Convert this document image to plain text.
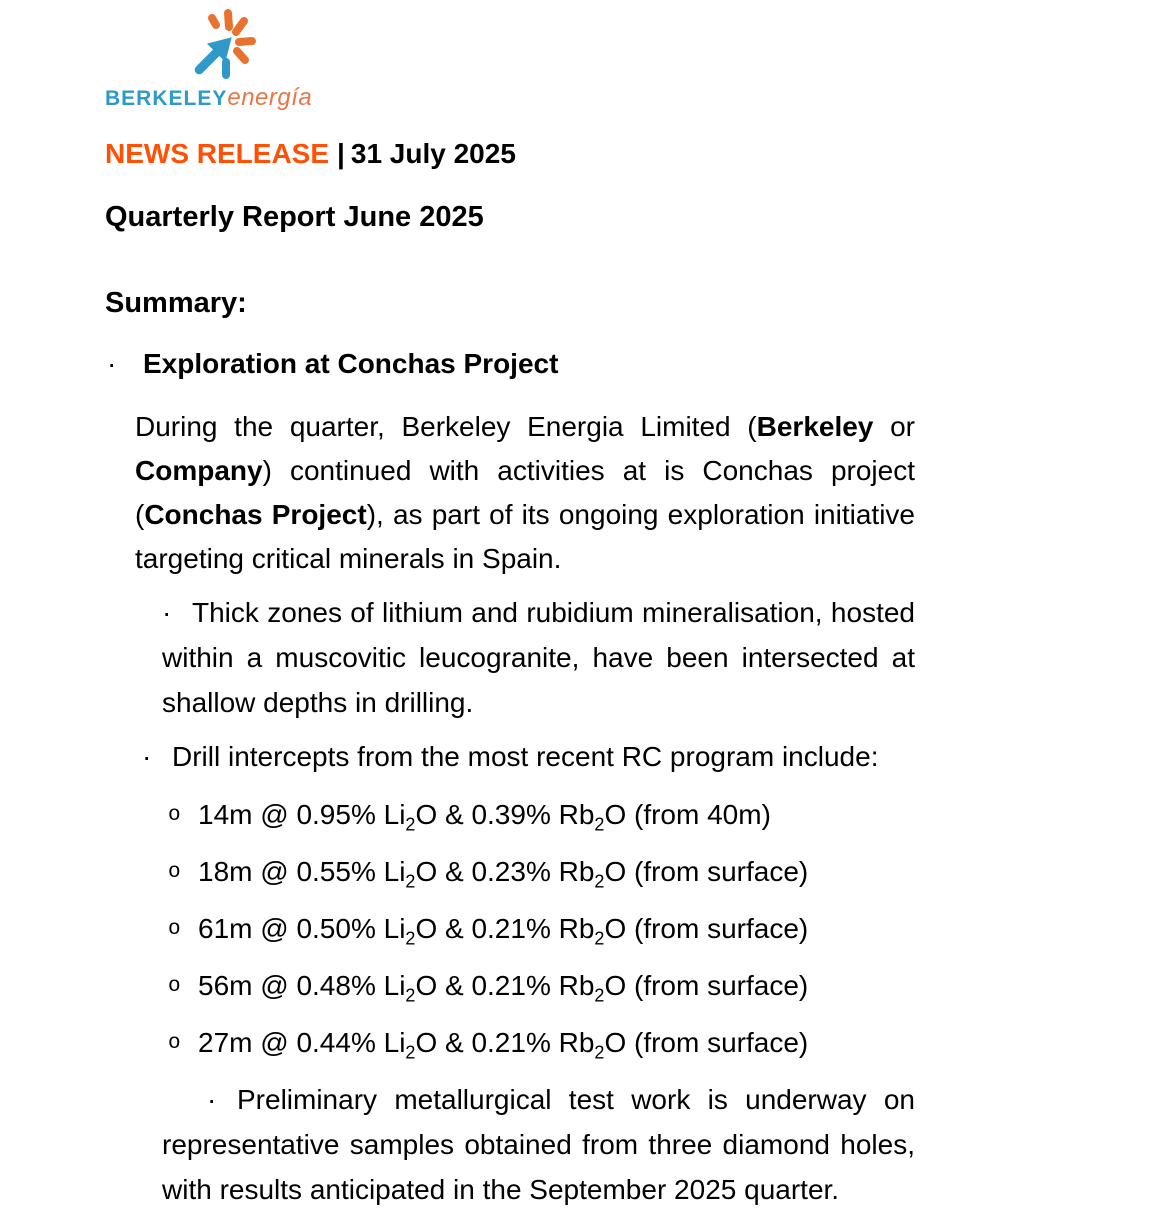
BERKELEYenergía
NEWS RELEASE | 31 July 2025
Quarterly Report June 2025
Summary:
· Exploration at Conchas Project
During the quarter, Berkeley Energia Limited (Berkeley or Company) continued with activities at is Conchas project (Conchas Project), as part of its ongoing exploration initiative targeting critical minerals in Spain.
· Thick zones of lithium and rubidium mineralisation, hosted within a muscovitic leucogranite, have been intersected at shallow depths in drilling.
· Drill intercepts from the most recent RC program include:
o 14m @ 0.95% $Li_2O$ & 0.39% $Rb_2O$ (from 40m)
o 18m @ 0.55% $Li_2O$ & 0.23% $Rb_2O$ (from surface)
o 61m @ 0.50% $Li_2O$ & 0.21% $Rb_2O$ (from surface)
o 56m @ 0.48% $Li_2O$ & 0.21% $Rb_2O$ (from surface)
o 27m @ 0.44% $Li_2O$ & 0.21% $Rb_2O$ (from surface)
· Preliminary metallurgical test work is underway on representative samples obtained from three diamond holes, with results anticipated in the September 2025 quarter.
